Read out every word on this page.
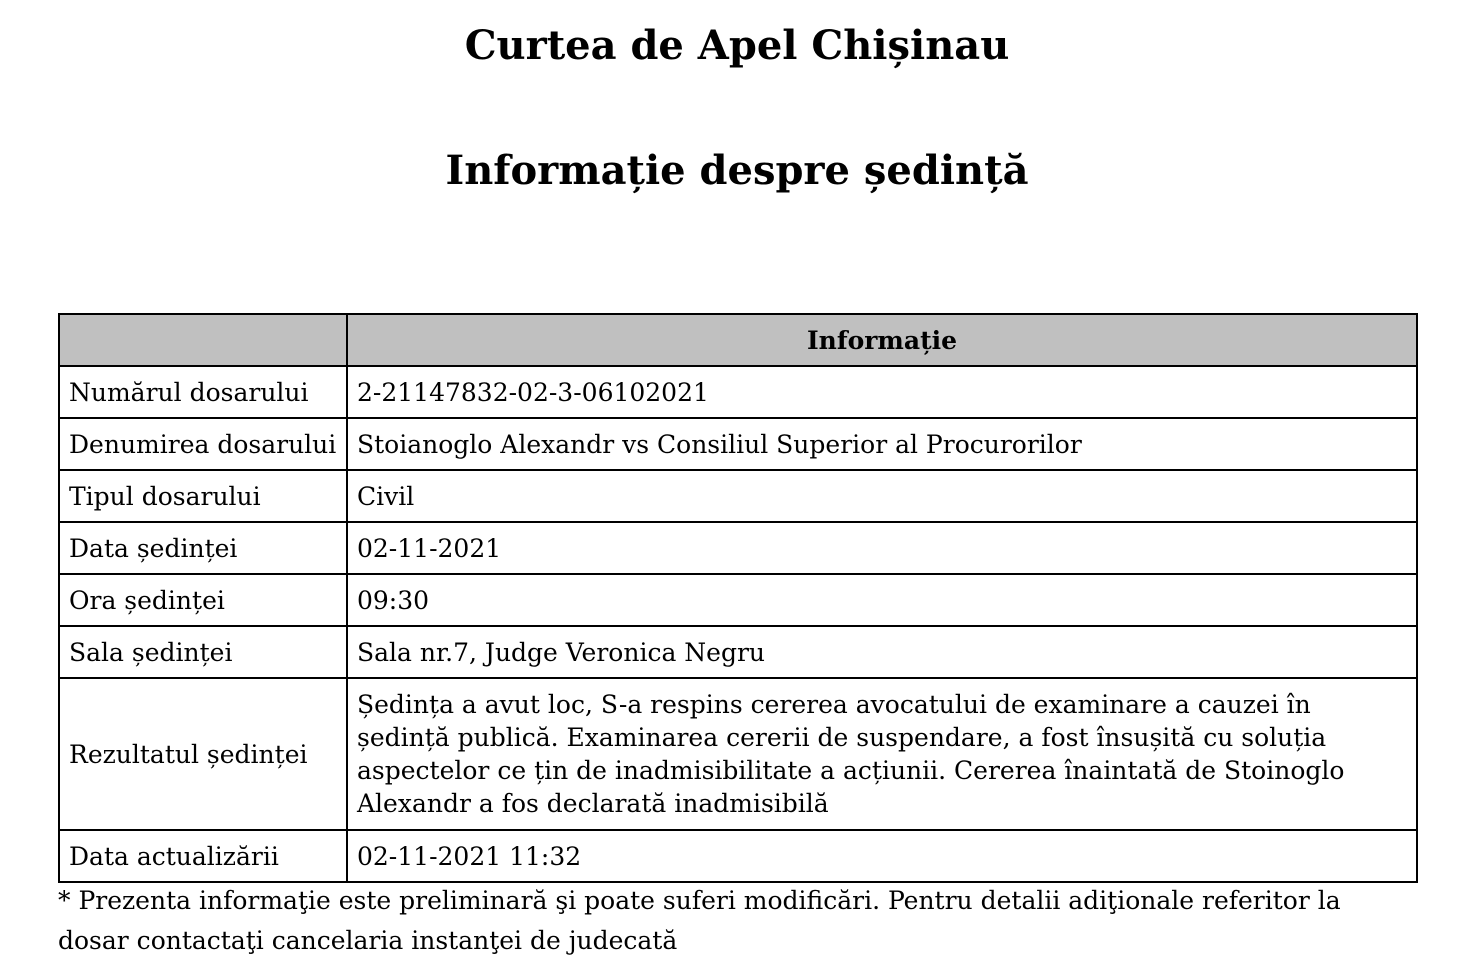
Curtea de Apel Chișinau
Informație despre ședință
	Informație
Numărul dosarului	2-21147832-02-3-06102021
Denumirea dosarului	Stoianoglo Alexandr vs Consiliul Superior al Procurorilor
Tipul dosarului	Civil
Data ședinței	02-11-2021
Ora ședinței	09:30
Sala ședinței	Sala nr.7, Judge Veronica Negru
Rezultatul ședinței	Ședința a avut loc, S-a respins cererea avocatului de examinare a cauzei în ședință publică. Examinarea cererii de suspendare, a fost însușită cu soluția aspectelor ce țin de inadmisibilitate a acțiunii. Cererea înaintată de Stoinoglo Alexandr a fos declarată inadmisibilă
Data actualizării	02-11-2021 11:32

* Prezenta informaţie este preliminară şi poate suferi modificări. Pentru detalii adiţionale referitor la dosar contactaţi cancelaria instanţei de judecată
